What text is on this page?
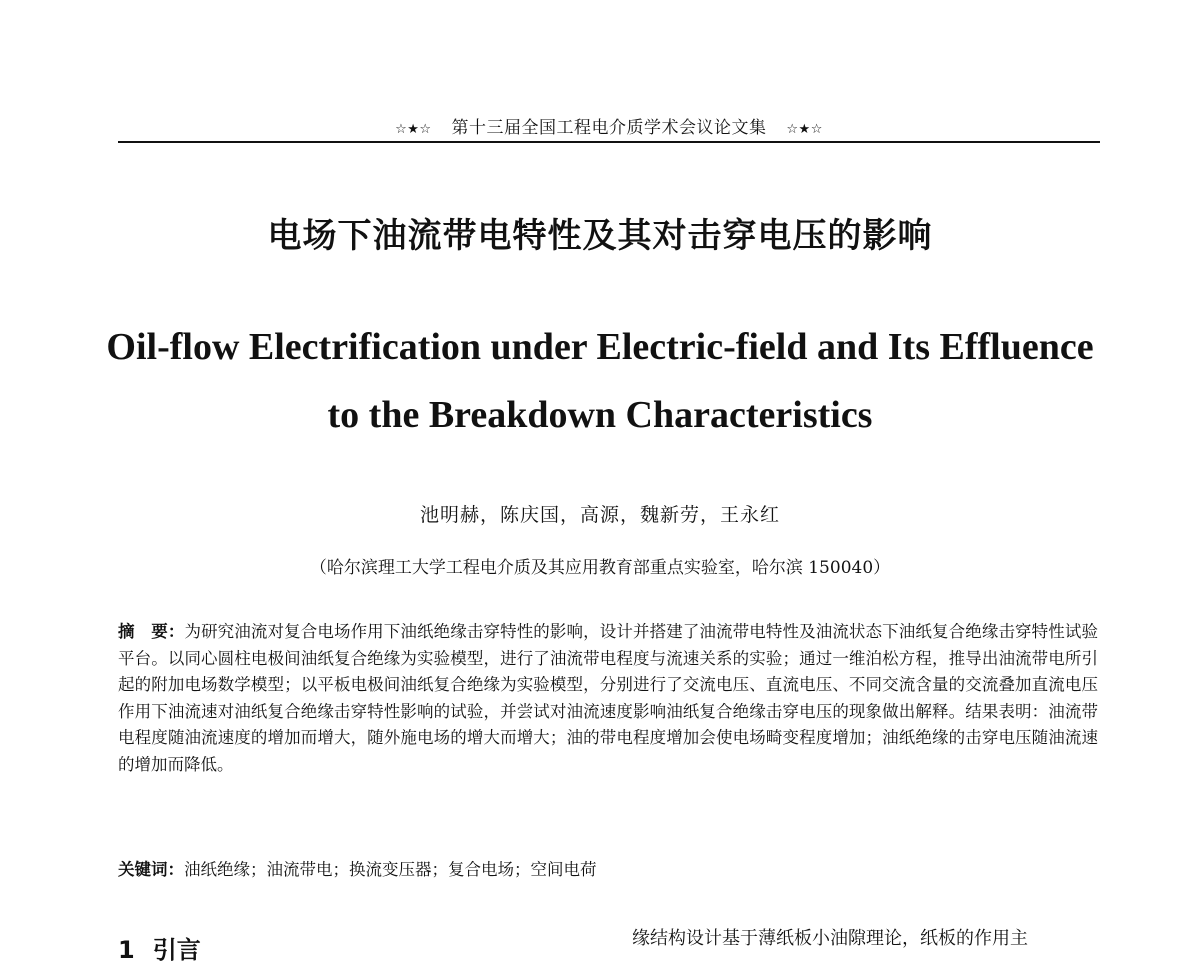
☆★☆ 第十三届全国工程电介质学术会议论文集 ☆★☆
电场下油流带电特性及其对击穿电压的影响
Oil-flow Electrification under Electric-field and Its Effluence
to the Breakdown Characteristics
池明赫，陈庆国，高源，魏新劳，王永红
（哈尔滨理工大学工程电介质及其应用教育部重点实验室，哈尔滨 150040）
摘　要：为研究油流对复合电场作用下油纸绝缘击穿特性的影响，设计并搭建了油流带电特性及油流状态下油纸复合绝缘击穿特性试验平台。以同心圆柱电极间油纸复合绝缘为实验模型，进行了油流带电程度与流速关系的实验；通过一维泊松方程，推导出油流带电所引起的附加电场数学模型；以平板电极间油纸复合绝缘为实验模型，分别进行了交流电压、直流电压、不同交流含量的交流叠加直流电压作用下油流速对油纸复合绝缘击穿特性影响的试验，并尝试对油流速度影响油纸复合绝缘击穿电压的现象做出解释。结果表明：油流带电程度随油流速度的增加而增大，随外施电场的增大而增大；油的带电程度增加会使电场畸变程度增加；油纸绝缘的击穿电压随油流速的增加而降低。
关键词：油纸绝缘；油流带电；换流变压器；复合电场；空间电荷
1 引言	缘结构设计基于薄纸板小油隙理论，纸板的作用主
